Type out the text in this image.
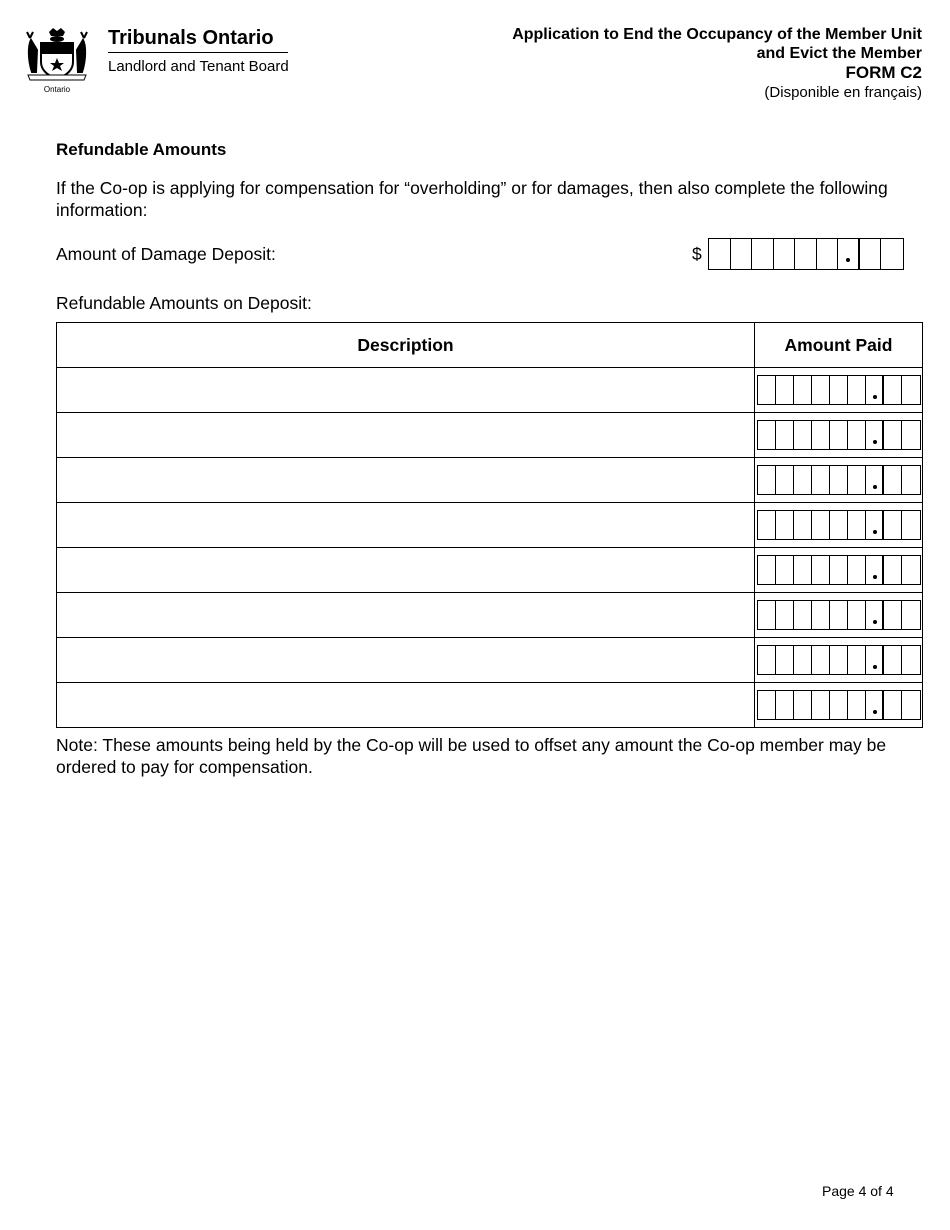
Ontario
Tribunals Ontario
Landlord and Tenant Board
Application to End the Occupancy of the Member Unit
and Evict the Member
FORM C2
(Disponible en français)
Refundable Amounts
If the Co-op is applying for compensation for “overholding” or for damages, then also complete the following information:
Amount of Damage Deposit:	$
Refundable Amounts on Deposit:
Description	Amount Paid

Note: These amounts being held by the Co-op will be used to offset any amount the Co-op member may be ordered to pay for compensation.
Page 4 of 4
